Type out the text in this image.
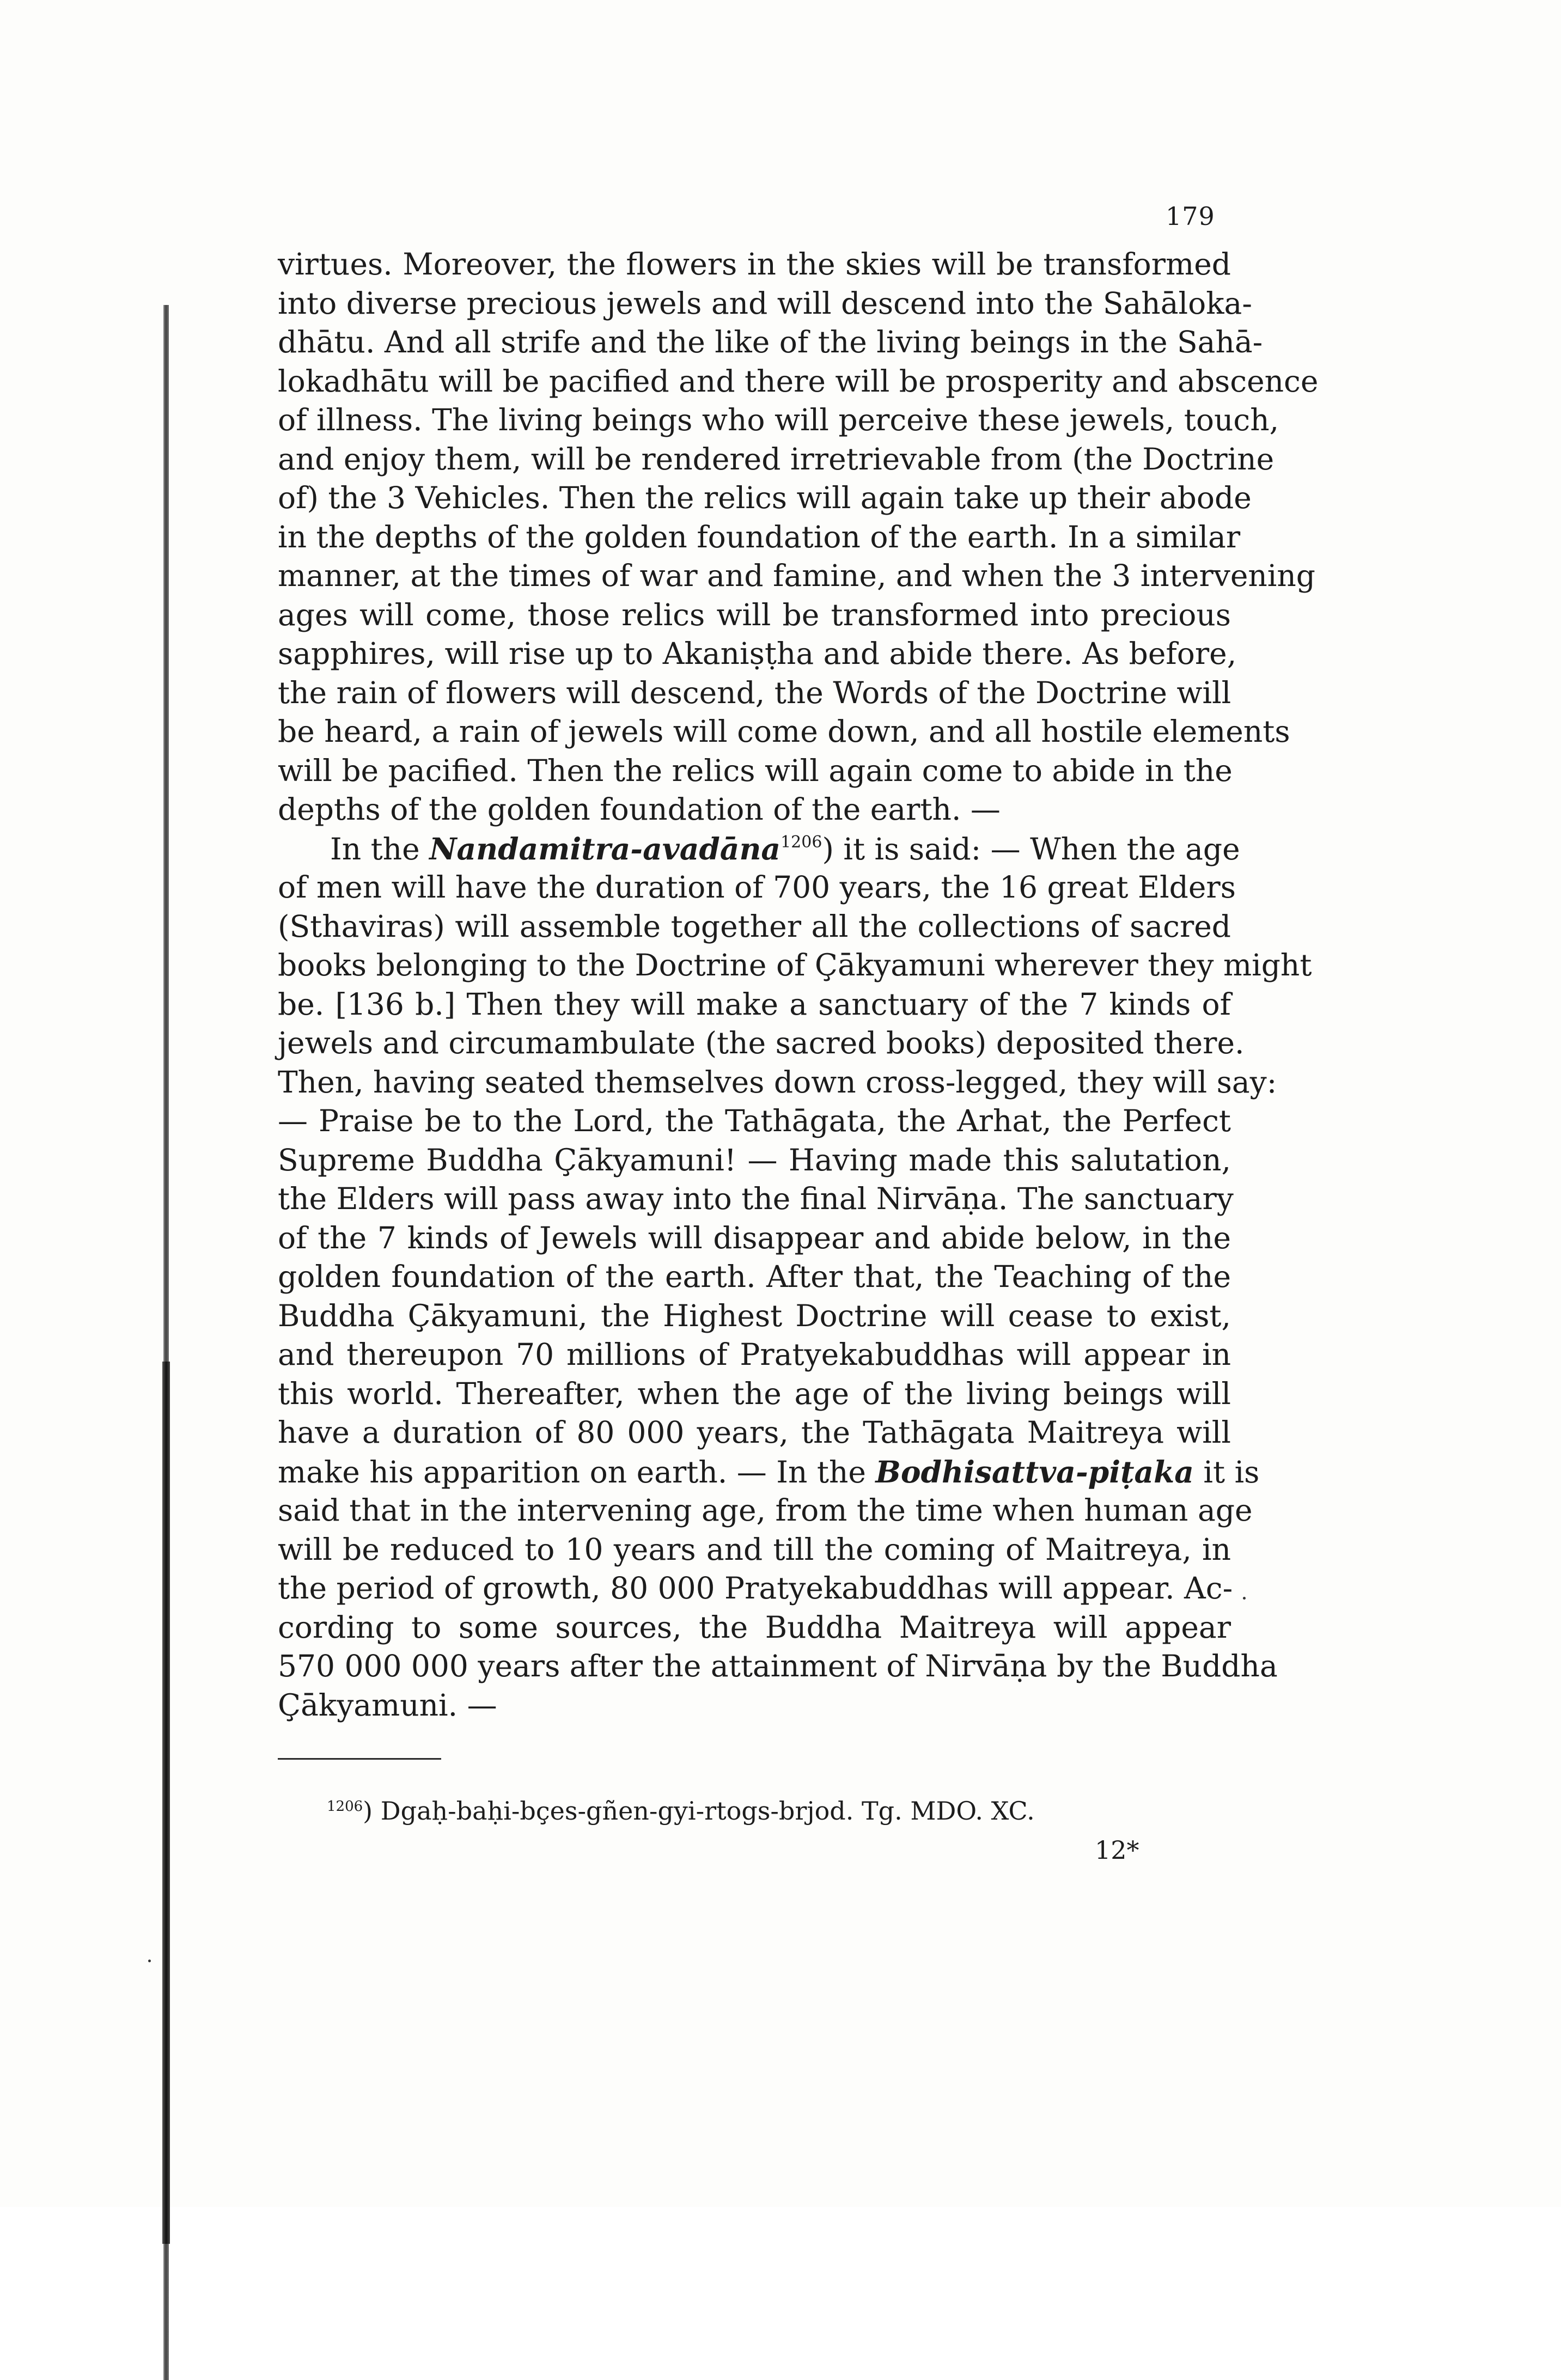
179
virtues. Moreover, the flowers in the skies will be transformed
into diverse precious jewels and will descend into the Sahāloka-
dhātu. And all strife and the like of the living beings in the Sahā-
lokadhātu will be pacified and there will be prosperity and abscence
of illness. The living beings who will perceive these jewels, touch,
and enjoy them, will be rendered irretrievable from (the Doctrine
of) the 3 Vehicles. Then the relics will again take up their abode
in the depths of the golden foundation of the earth. In a similar
manner, at the times of war and famine, and when the 3 intervening
ages will come, those relics will be transformed into precious
sapphires, will rise up to Akaniṣṭha and abide there. As before,
the rain of flowers will descend, the Words of the Doctrine will
be heard, a rain of jewels will come down, and all hostile elements
will be pacified. Then the relics will again come to abide in the
depths of the golden foundation of the earth. —
In the Nandamitra-avadāna$^{1206}$) it is said: — When the age
of men will have the duration of 700 years, the 16 great Elders
(Sthaviras) will assemble together all the collections of sacred
books belonging to the Doctrine of Çākyamuni wherever they might
be. [136 b.] Then they will make a sanctuary of the 7 kinds of
jewels and circumambulate (the sacred books) deposited there.
Then, having seated themselves down cross-legged, they will say:
— Praise be to the Lord, the Tathāgata, the Arhat, the Perfect
Supreme Buddha Çākyamuni! — Having made this salutation,
the Elders will pass away into the final Nirvāṇa. The sanctuary
of the 7 kinds of Jewels will disappear and abide below, in the
golden foundation of the earth. After that, the Teaching of the
Buddha Çākyamuni, the Highest Doctrine will cease to exist,
and thereupon 70 millions of Pratyekabuddhas will appear in
this world. Thereafter, when the age of the living beings will
have a duration of 80 000 years, the Tathāgata Maitreya will
make his apparition on earth. — In the Bodhisattva-piṭaka it is
said that in the intervening age, from the time when human age
will be reduced to 10 years and till the coming of Maitreya, in
the period of growth, 80 000 Pratyekabuddhas will appear. Ac-
cording to some sources, the Buddha Maitreya will appear
570 000 000 years after the attainment of Nirvāṇa by the Buddha
Çākyamuni. —
$^{1206}$) Dgaḥ-baḥi-bçes-gñen-gyi-rtogs-brjod. Tg. MDO. XC.
12*
